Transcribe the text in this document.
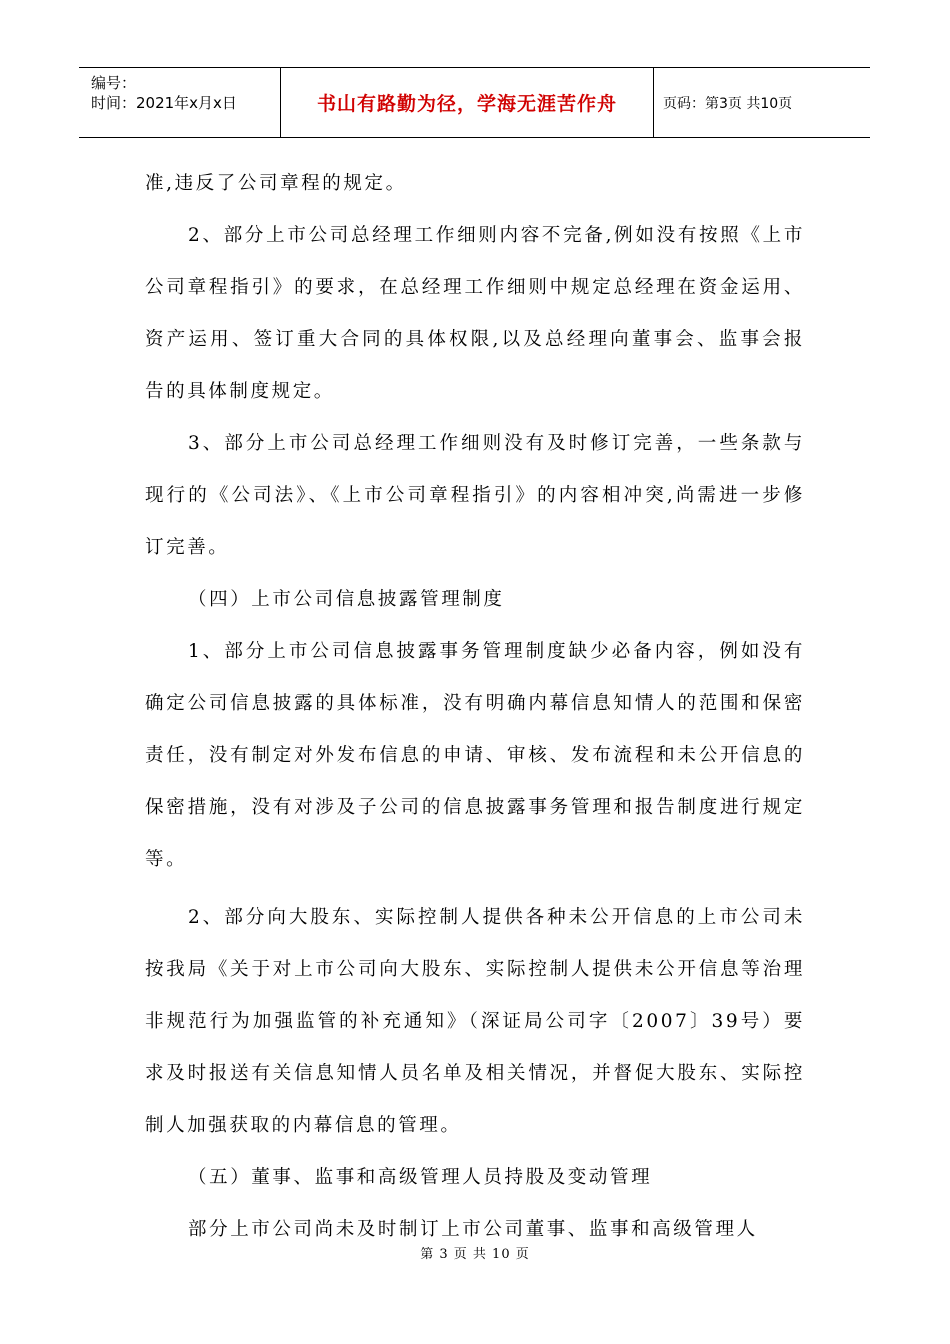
编号：
时间：2021年x月x日	书山有路勤为径，学海无涯苦作舟	页码：第3页 共10页

准,违反了公司章程的规定。

2、部分上市公司总经理工作细则内容不完备,例如没有按照《上市公司章程指引》的要求，在总经理工作细则中规定总经理在资金运用、资产运用、签订重大合同的具体权限,以及总经理向董事会、监事会报告的具体制度规定。

3、部分上市公司总经理工作细则没有及时修订完善，一些条款与现行的《公司法》、《上市公司章程指引》的内容相冲突,尚需进一步修订完善。

（四）上市公司信息披露管理制度

1、部分上市公司信息披露事务管理制度缺少必备内容，例如没有确定公司信息披露的具体标准，没有明确内幕信息知情人的范围和保密责任，没有制定对外发布信息的申请、审核、发布流程和未公开信息的保密措施，没有对涉及子公司的信息披露事务管理和报告制度进行规定等。

2、部分向大股东、实际控制人提供各种未公开信息的上市公司未按我局《关于对上市公司向大股东、实际控制人提供未公开信息等治理非规范行为加强监管的补充通知》（深证局公司字〔2007〕39号）要求及时报送有关信息知情人员名单及相关情况，并督促大股东、实际控制人加强获取的内幕信息的管理。

（五）董事、监事和高级管理人员持股及变动管理

部分上市公司尚未及时制订上市公司董事、监事和高级管理人

第 3 页 共 10 页
